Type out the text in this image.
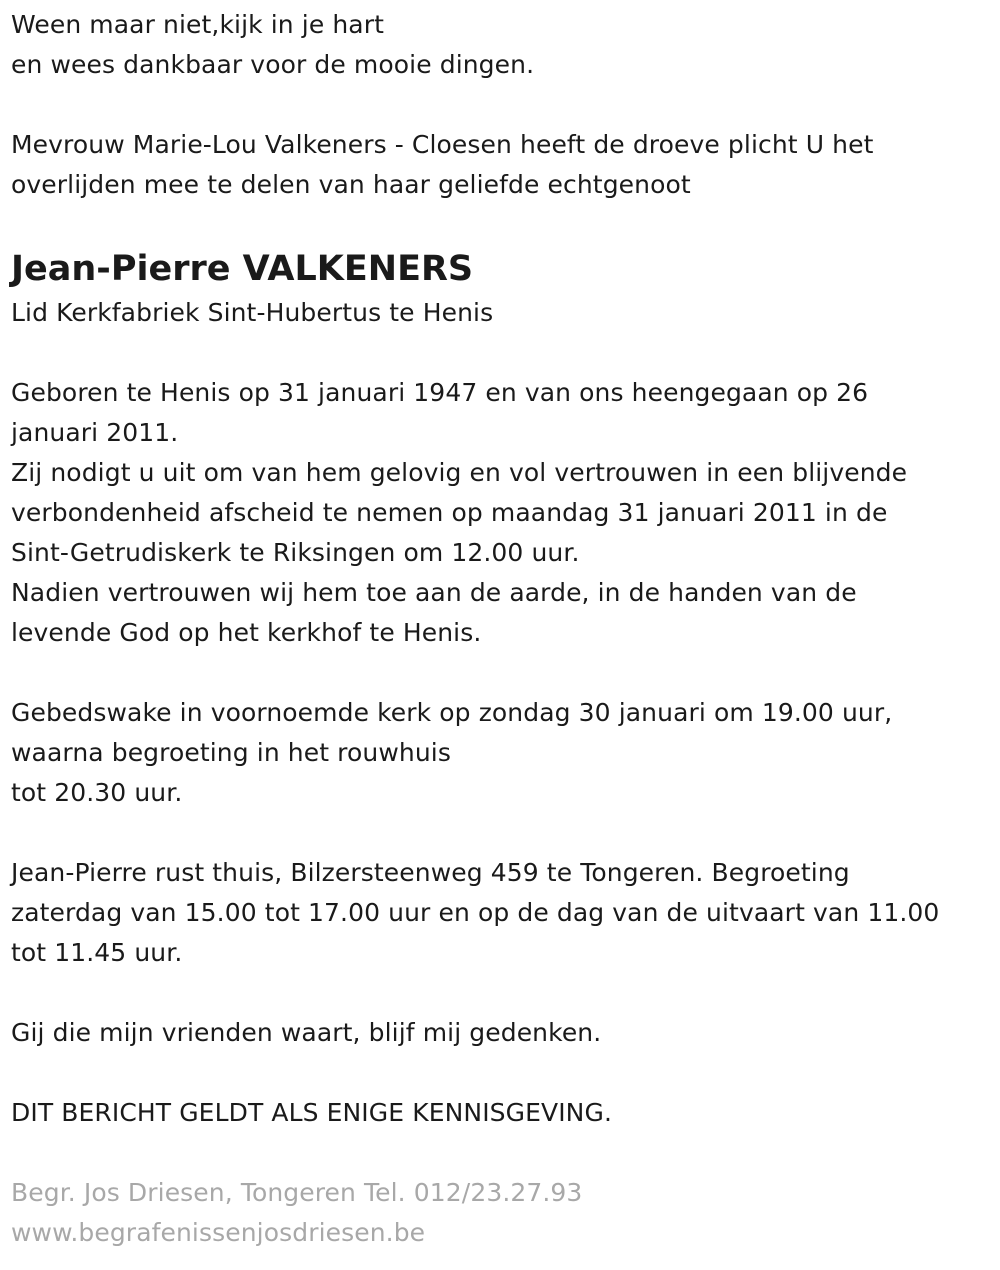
Ween maar niet,kijk in je hart
en wees dankbaar voor de mooie dingen.
Mevrouw Marie-Lou Valkeners - Cloesen heeft de droeve plicht U het
overlijden mee te delen van haar geliefde echtgenoot
Jean-Pierre VALKENERS
Lid Kerkfabriek Sint-Hubertus te Henis
Geboren te Henis op 31 januari 1947 en van ons heengegaan op 26
januari 2011.
Zij nodigt u uit om van hem gelovig en vol vertrouwen in een blijvende
verbondenheid afscheid te nemen op maandag 31 januari 2011 in de
Sint-Getrudiskerk te Riksingen om 12.00 uur.
Nadien vertrouwen wij hem toe aan de aarde, in de handen van de
levende God op het kerkhof te Henis.
Gebedswake in voornoemde kerk op zondag 30 januari om 19.00 uur,
waarna begroeting in het rouwhuis
tot 20.30 uur.
Jean-Pierre rust thuis, Bilzersteenweg 459 te Tongeren. Begroeting
zaterdag van 15.00 tot 17.00 uur en op de dag van de uitvaart van 11.00
tot 11.45 uur.
Gij die mijn vrienden waart, blijf mij gedenken.
DIT BERICHT GELDT ALS ENIGE KENNISGEVING.
Begr. Jos Driesen, Tongeren Tel. 012/23.27.93
www.begrafenissenjosdriesen.be
